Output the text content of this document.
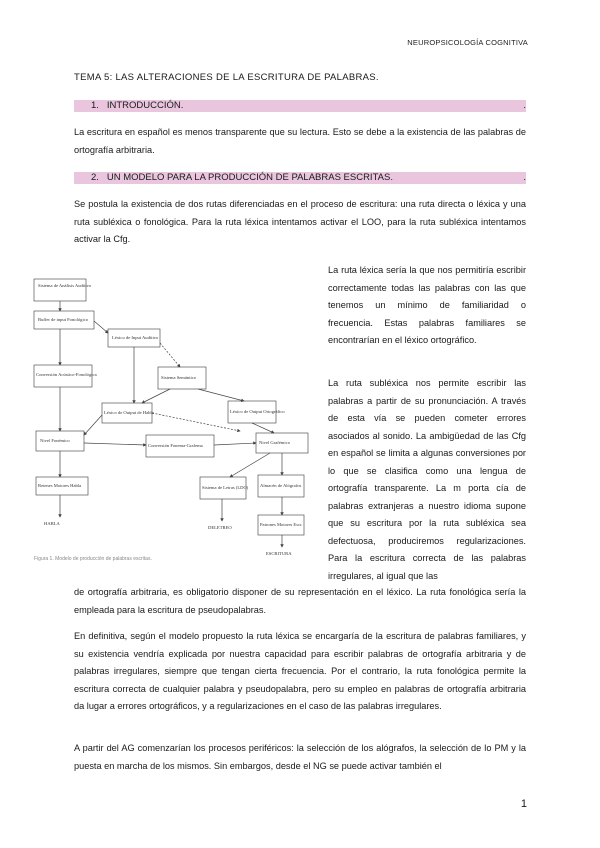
NEUROPSICOLOGÍA COGNITIVA
TEMA 5: LAS ALTERACIONES DE LA ESCRITURA DE PALABRAS.
1. INTRODUCCIÓN.	.

La escritura en español es menos transparente que su lectura. Esto se debe a la existencia de las palabras de ortografía arbitraria.

2. UN MODELO PARA LA PRODUCCIÓN DE PALABRAS ESCRITAS.	.

Se postula la existencia de dos rutas diferenciadas en el proceso de escritura: una ruta directa o léxica y una ruta subléxica o fonológica. Para la ruta léxica intentamos activar el LOO, para la ruta subléxica intentamos activar la Cfg.

Sistema de Análisis Auditivo
Buffer de input Fonológico
Léxico de Input Auditivo
Sistema Semántico
Conversión Acústico-Fonológica
Léxico de Output de Habla	Léxico de Output Ortográfico
Nivel Fonémico
Conversión Fonema-Grafema
Nivel Grafémico
Retenes Motores Habla	Sistema de Letras (LDO)	Almacén de Alógrafos
Patrones Motores Escr.
HABLA
DELETREO
ESCRITURA
Figura 1. Modelo de producción de palabras escritas.

La ruta léxica sería la que nos permitiría escribir correctamente todas las palabras con las que tenemos un mínimo de familiaridad o frecuencia. Estas palabras familiares se encontrarían en el léxico ortográfico.

La ruta subléxica nos permite escribir las palabras a partir de su pronunciación. A través de esta vía se pueden cometer errores asociados al sonido. La ambigüedad de las Cfg en español se limita a algunas conversiones por lo que se clasifica como una lengua de ortografía transparente. La m porta cía de palabras extranjeras a nuestro idioma supone que su escritura por la ruta subléxica sea defectuosa, produciremos regularizaciones. Para la escritura correcta de las palabras irregulares, al igual que las

de ortografía arbitraria, es obligatorio disponer de su representación en el léxico. La ruta fonológica sería la empleada para la escritura de pseudopalabras.

En definitiva, según el modelo propuesto la ruta léxica se encargaría de la escritura de palabras familiares, y su existencia vendría explicada por nuestra capacidad para escribir palabras de ortografía arbitraria y de palabras irregulares, siempre que tengan cierta frecuencia. Por el contrario, la ruta fonológica permite la escritura correcta de cualquier palabra y pseudopalabra, pero su empleo en palabras de ortografía arbitraria da lugar a errores ortográficos, y a regularizaciones en el caso de las palabras irregulares.

A partir del AG comenzarían los procesos periféricos: la selección de los alógrafos, la selección de lo PM y la puesta en marcha de los mismos. Sin embargos, desde el NG se puede activar también el

1
